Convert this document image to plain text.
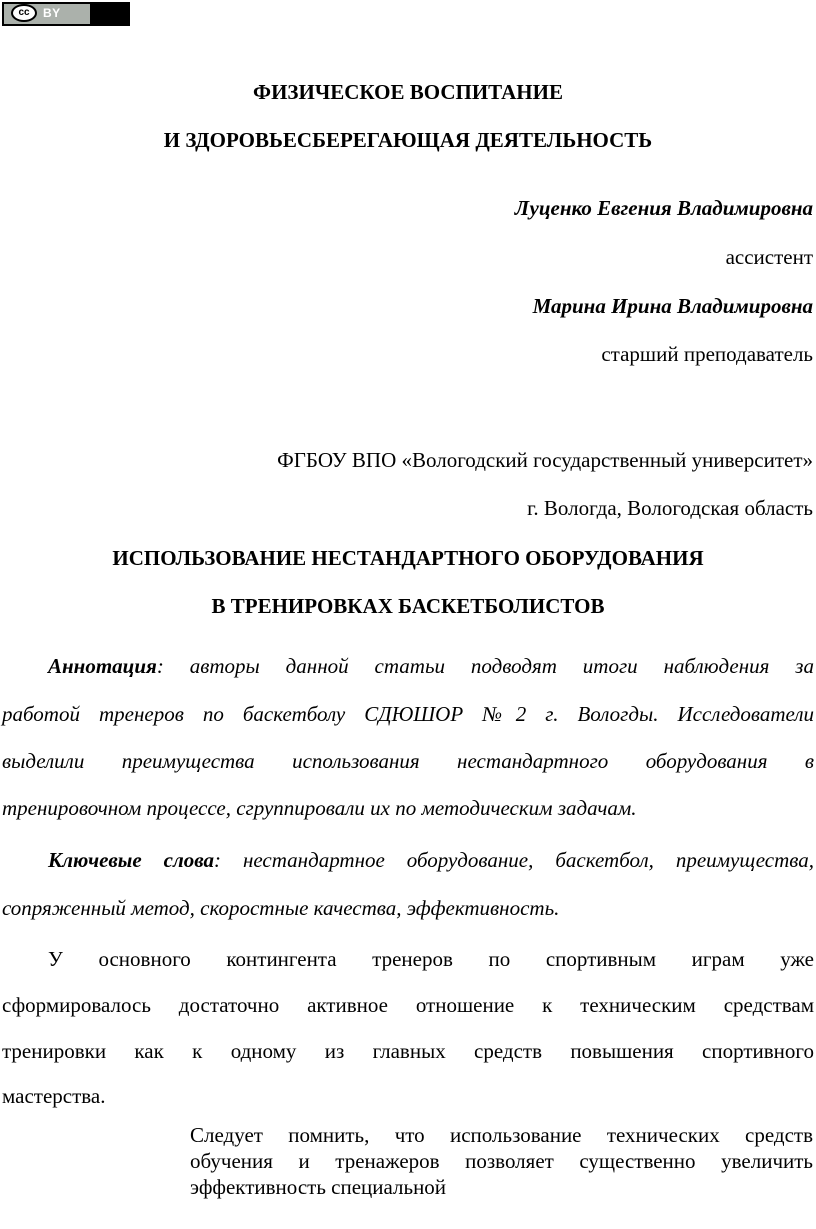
cc	BY
ФИЗИЧЕСКОЕ ВОСПИТАНИЕ
И ЗДОРОВЬЕСБЕРЕГАЮЩАЯ ДЕЯТЕЛЬНОСТЬ
Луценко Евгения Владимировна
ассистент
Марина Ирина Владимировна
старший преподаватель
ФГБОУ ВПО «Вологодский государственный университет»
г. Вологда, Вологодская область
ИСПОЛЬЗОВАНИЕ НЕСТАНДАРТНОГО ОБОРУДОВАНИЯ
В ТРЕНИРОВКАХ БАСКЕТБОЛИСТОВ
Аннотация: авторы данной статьи подводят итоги наблюдения за
работой тренеров по баскетболу СДЮШОР №2 г. Вологды. Исследователи
выделили преимущества использования нестандартного оборудования в
тренировочном процессе, сгруппировали их по методическим задачам.
Ключевые слова: нестандартное оборудование, баскетбол, преимущества,
сопряженный метод, скоростные качества, эффективность.
У основного контингента тренеров по спортивным играм уже
сформировалось достаточно активное отношение к техническим средствам
тренировки как к одному из главных средств повышения спортивного
мастерства.
Следует помнить, что использование технических средств
обучения и тренажеров позволяет существенно увеличить
эффективность специальной
